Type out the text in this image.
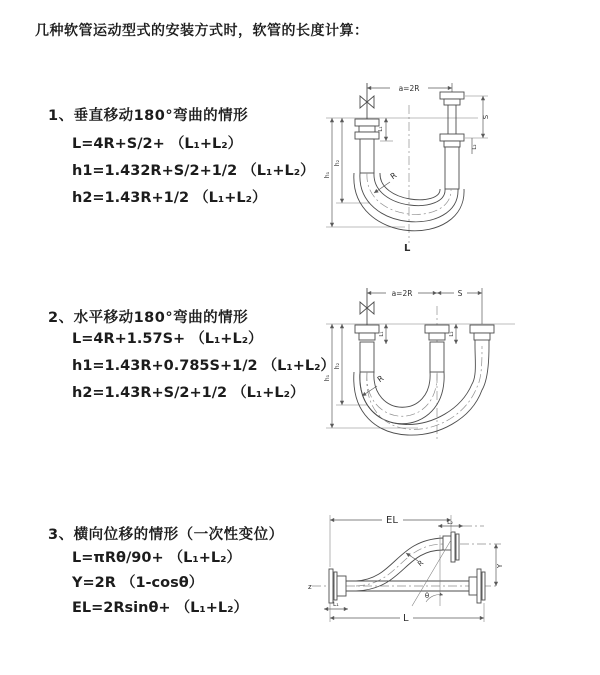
几种软管运动型式的安装方式时，软管的长度计算：
1、垂直移动180°弯曲的情形
L=4R+S/2+ （L₁+L₂）
h1=1.432R+S/2+1/2 （L₁+L₂）
h2=1.43R+1/2 （L₁+L₂）
a=2R
L₁
S
L₂
h₁
h₂
R
L
2、水平移动180°弯曲的情形
L=4R+1.57S+ （L₁+L₂）
h1=1.43R+0.785S+1/2 （L₁+L₂）
h2=1.43R+S/2+1/2 （L₁+L₂）
a=2R	S
L₁	L₂
h₁
h₂
R
3、横向位移的情形（一次性变位）
L=πRθ/90+ （L₁+L₂）
Y=2R （1-cosθ）
EL=2Rsinθ+ （L₁+L₂）
EL	L₂
Y
R
θ
z
L₁
L
